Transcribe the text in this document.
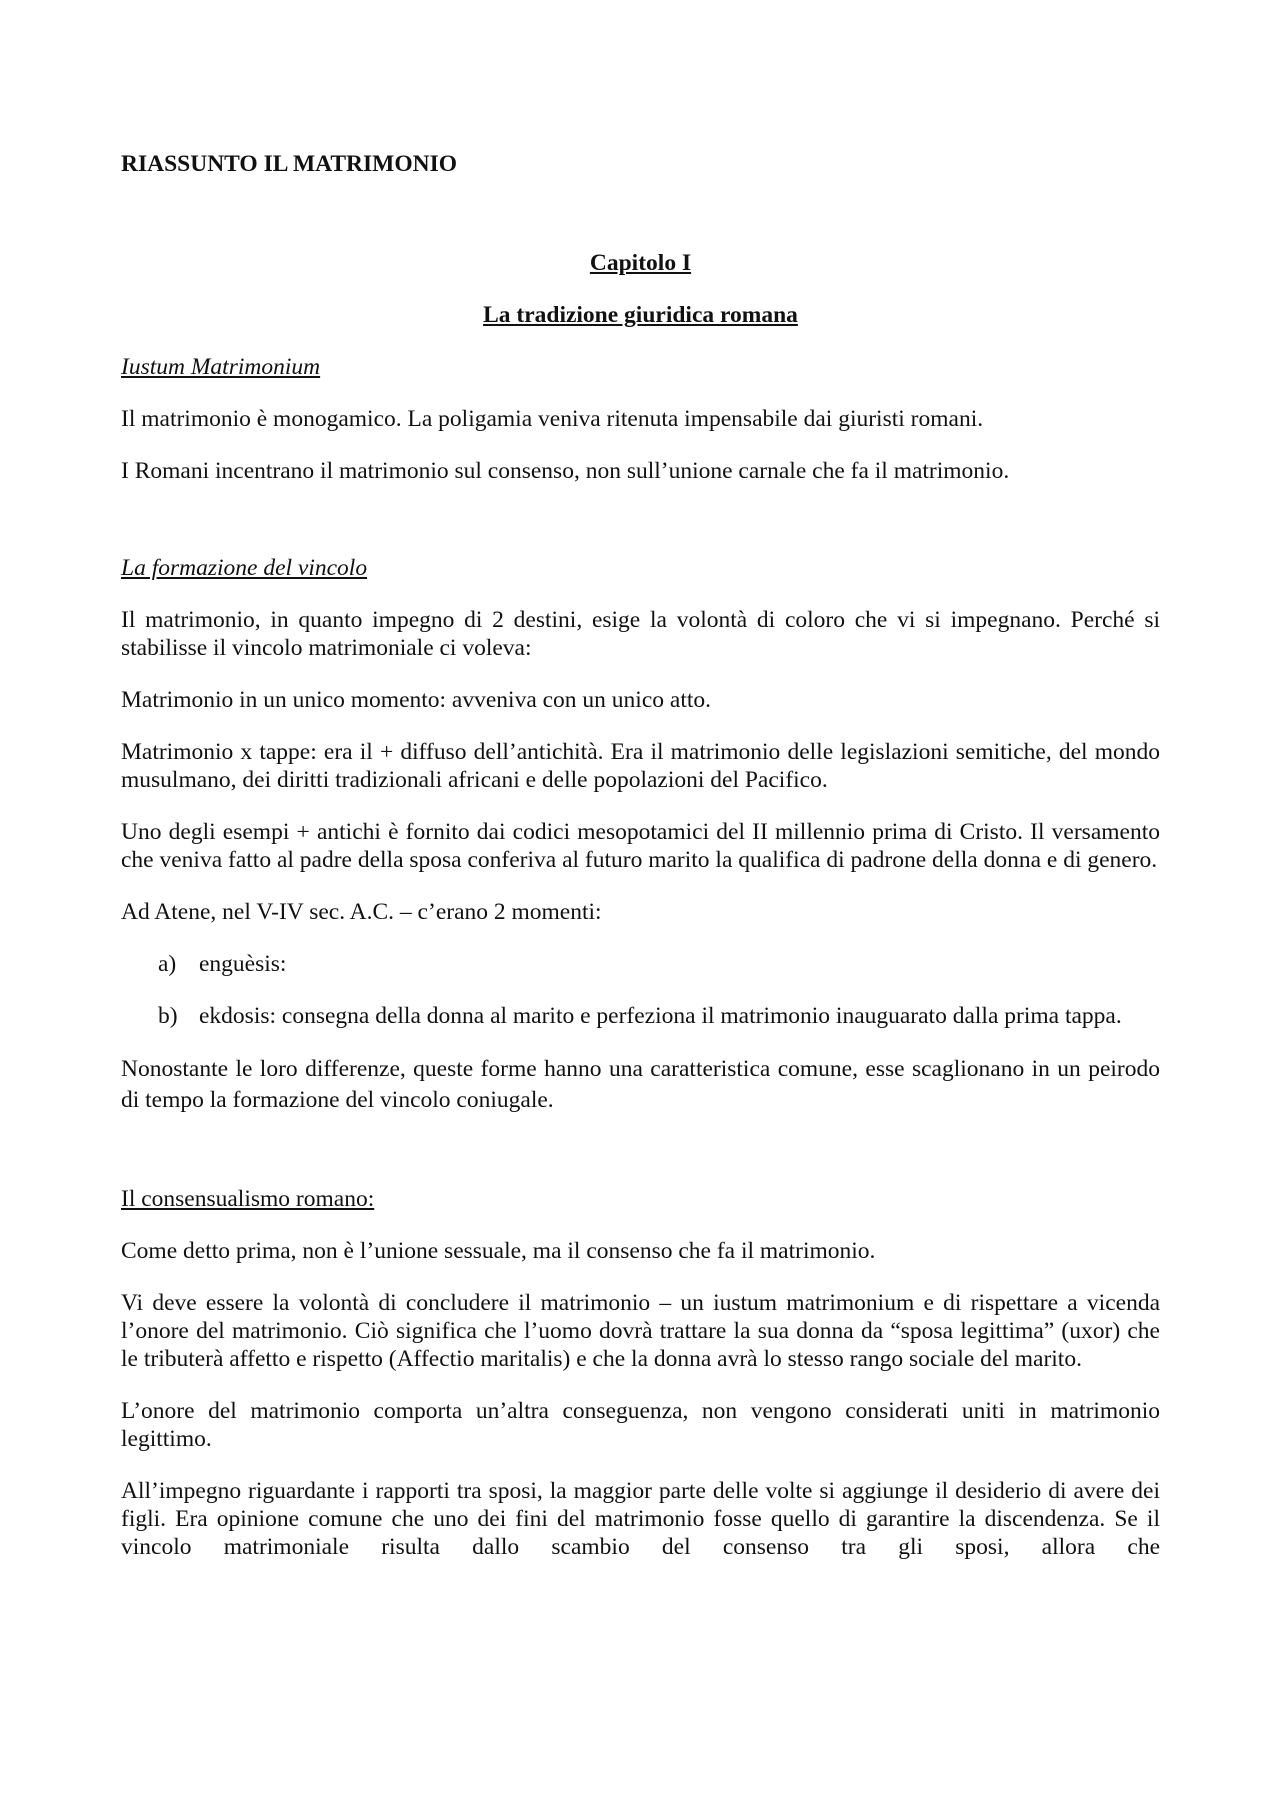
RIASSUNTO IL MATRIMONIO

Capitolo I

La tradizione giuridica romana

Iustum Matrimonium

Il matrimonio è monogamico. La poligamia veniva ritenuta impensabile dai giuristi romani.

I Romani incentrano il matrimonio sul consenso, non sull’unione carnale che fa il matrimonio.

La formazione del vincolo

Il matrimonio, in quanto impegno di 2 destini, esige la volontà di coloro che vi si impegnano. Perché si stabilisse il vincolo matrimoniale ci voleva:

Matrimonio in un unico momento: avveniva con un unico atto.

Matrimonio x tappe: era il + diffuso dell’antichità. Era il matrimonio delle legislazioni semitiche, del mondo musulmano, dei diritti tradizionali africani e delle popolazioni del Pacifico.

Uno degli esempi + antichi è fornito dai codici mesopotamici del II millennio prima di Cristo. Il versamento che veniva fatto al padre della sposa conferiva al futuro marito la qualifica di padrone della donna e di genero.

Ad Atene, nel V-IV sec. A.C. – c’erano 2 momenti:

a) enguèsis:
b) ekdosis: consegna della donna al marito e perfeziona il matrimonio inauguarato dalla prima tappa.

Nonostante le loro differenze, queste forme hanno una caratteristica comune, esse scaglionano in un peirodo di tempo la formazione del vincolo coniugale.

Il consensualismo romano:

Come detto prima, non è l’unione sessuale, ma il consenso che fa il matrimonio.

Vi deve essere la volontà di concludere il matrimonio – un iustum matrimonium e di rispettare a vicenda l’onore del matrimonio. Ciò significa che l’uomo dovrà trattare la sua donna da “sposa legittima” (uxor) che le tributerà affetto e rispetto (Affectio maritalis) e che la donna avrà lo stesso rango sociale del marito.

L’onore del matrimonio comporta un’altra conseguenza, non vengono considerati uniti in matrimonio legittimo.

All’impegno riguardante i rapporti tra sposi, la maggior parte delle volte si aggiunge il desiderio di avere dei figli. Era opinione comune che uno dei fini del matrimonio fosse quello di garantire la discendenza. Se il vincolo matrimoniale risulta dallo scambio del consenso tra gli sposi, allora che
